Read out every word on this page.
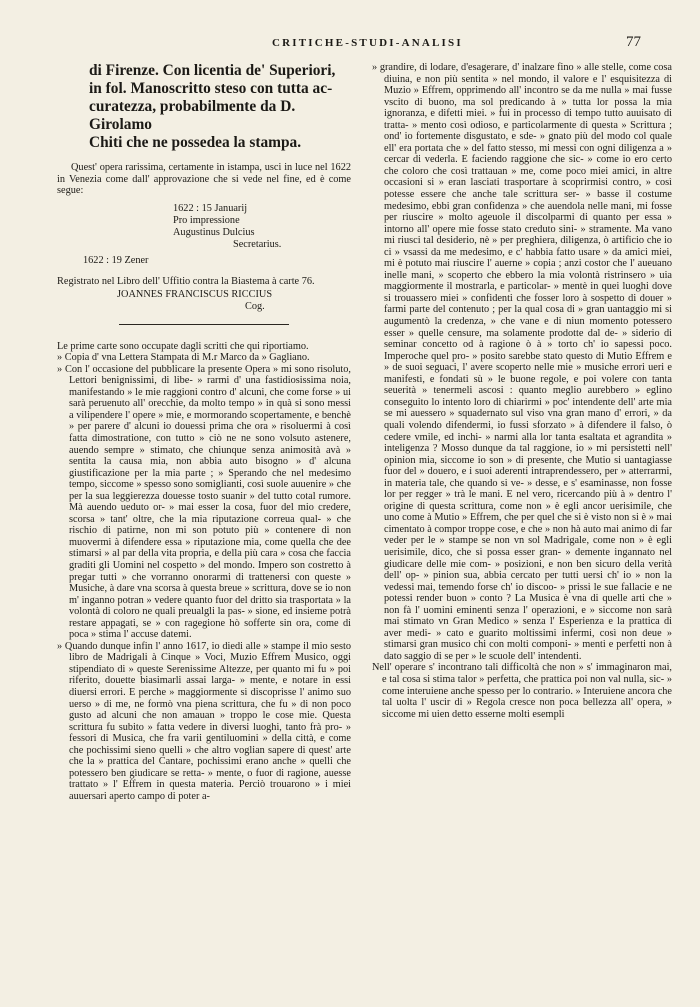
CRITICHE-STUDI-ANALISI	77
di Firenze. Con licentia de' Superiori,
in fol. Manoscritto steso con tutta ac-
curatezza, probabilmente da D. Girolamo
Chiti che ne possedea la stampa.

Quest' opera rarissima, certamente in istampa, usci in luce nel 1622 in Venezia come dall' approvazione che si vede nel fine, ed è come segue:

1622 : 15 Januarij
Pro impressione
Augustinus Dulcius
Secretarius.

1622 : 19 Zener

Registrato nel Libro dell' Uffitio contra la Biastema à carte 76.

JOANNES FRANCISCUS RICCIUS

Cog.

Le prime carte sono occupate dagli scritti che qui riportiamo.

» Copia d' vna Lettera Stampata di M.r Marco da » Gagliano.

» Con l' occasione del pubblicare la presente Opera » mi sono risoluto, Lettori benignissimi, di libe- » rarmi d' una fastidiosissima noia, manifestando » le mie raggioni contro d' alcuni, che come forse » ui sarà peruenuto all' orecchie, da molto tempo » in quà si sono messi a vilipendere l' opere » mie, e mormorando scopertamente, e benchè » per parere d' alcuni io douessi prima che ora » risoluermi à così fatta dimostratione, con tutto » ciò ne ne sono volsuto astenere, auendo sempre » stimato, che chiunque senza animosità avà » sentita la causa mia, non abbia auto bisogno » d' alcuna giustificazione per la mia parte ; » Sperando che nel medesimo tempo, siccome » spesso sono somiglianti, così suole auuenire » che per la sua leggierezza douesse tosto suanir » del tutto cotal rumore. Mà auendo ueduto or- » mai esser la cosa, fuor del mio credere, scorsa » tant' oltre, che la mia riputazione correua qual- » che rischio di patirne, non mi son potuto più » contenere di non muovermi à difendere essa » riputazione mia, come quella che dee stimarsi » al par della vita propria, e della più cara » cosa che faccia graditi gli Uomini nel cospetto » del mondo. Impero son costretto à pregar tutti » che vorranno onorarmi di trattenersi con queste » Musiche, à dare vna scorsa à questa breue » scrittura, dove se io non m' inganno potran » vedere quanto fuor del dritto sia trasportata » la volontà di coloro ne quali preualgli la pas- » sione, ed insieme potrà restare appagati, se » con ragegione hò sofferte sin ora, come di poca » stima l' accuse datemi.

» Quando dunque infin l' anno 1617, io diedi alle » stampe il mio sesto libro de Madrigali à Cinque » Voci, Muzio Effrem Musico, oggi stipendiato di » queste Serenissime Altezze, per quanto mi fu » poi riferito, douette biasimarli assai larga- » mente, e notare in essi diuersi errori. E perche » maggiormente si discoprisse l' animo suo uerso » di me, ne formò vna piena scrittura, che fu » di non poco gusto ad alcuni che non amauan » troppo le cose mie. Questa scrittura fu subito » fatta vedere in diversi luoghi, tanto frà pro- » fessori di Musica, che fra varii gentiluomini » della città, e come che pochissimi sieno quelli » che altro voglian sapere di quest' arte che la » prattica del Cantare, pochissimi erano anche » quelli che potessero ben giudicare se retta- » mente, o fuor di ragione, auesse trattato » l' Effrem in questa materia. Perciò trouarono » i miei auuersari aperto campo di poter a-

» grandire, di lodare, d'esagerare, d' inalzare fino » alle stelle, come cosa diuina, e non più sentita » nel mondo, il valore e l' esquisitezza di Muzio » Effrem, opprimendo all' incontro se da me nulla » mai fusse vscito di buono, ma sol predicando à » tutta lor possa la mia ignoranza, e difetti miei. » fui in processo di tempo tutto auuisato di tratta- » mento così odioso, e particolarmente di questa » Scrittura ; ond' io fortemente disgustato, e sde- » gnato più del modo col quale ell' era portata che » del fatto stesso, mi messi con ogni diligenza a » cercar di vederla. E faciendo raggione che sic- » come io ero certo che coloro che così trattauan » me, come poco miei amici, in altre occasioni si » eran lasciati trasportare à scoprirmisi contro, » così potesse essere che anche tale scrittura ser- » basse il costume medesimo, ebbi gran confidenza » che auendola nelle mani, mi fosse per riuscire » molto ageuole il discolparmi di quanto per essa » intorno all' opere mie fosse stato creduto sini- » stramente. Ma vano mi riusci tal desiderio, nè » per preghiera, diligenza, ò artificio che io ci » vsassi da me medesimo, e c' habbia fatto usare » da amici miei, mi è potuto mai riuscire l' auerne » copia ; anzi costor che l' aueuano inelle mani, » scoperto che ebbero la mia volontà ristrinsero » uia maggiormente il mostrarla, e particolar- » mentè in quei luoghi dove si trouassero miei » confidenti che fosser loro à sospetto di douer » farmi parte del contenuto ; per la qual cosa di » gran uantaggio mi si augumentò la credenza, » che vane e di niun momento potessero esser » quelle censure, ma solamente prodotte dal de- » siderio di seminar concetto od à ragione ò à » torto ch' io sapessi poco. Imperoche quel pro- » posito sarebbe stato questo di Mutio Effrem e » de suoi seguaci, l' avere scoperto nelle mie » musiche errori ueri e manifesti, e fondati sù » le buone regole, e poi volere con tanta seuerità » tenermeli ascosi : quanto meglio aurebbero » eglino conseguito lo intento loro di chiarirmi » poc' intendente dell' arte mia se mi auessero » squadernato sul viso vna gran mano d' errori, » da quali volendo difendermi, io fussi sforzato » à difendere il falso, ò cedere vmile, ed inchi- » narmi alla lor tanta esaltata et agrandita » inteligenza ? Mosso dunque da tal raggione, io » mi persistetti nell' opinion mia, siccome io son » di presente, che Mutio si uantagiasse fuor del » douero, e i suoi aderenti intraprendessero, per » atterrarmi, in materia tale, che quando si ve- » desse, e s' esaminasse, non fosse lor per regger » trà le mani. E nel vero, ricercando più à » dentro l' origine di questa scrittura, come non » è egli ancor uerisimile, che uno come à Mutio » Effrem, che per quel che si è visto non si è » mai cimentato à compor troppe cose, e che » non hà auto mai animo di far veder per le » stampe se non vn sol Madrigale, come non » è egli uerisimile, dico, che si possa esser gran- » demente ingannato nel giudicare delle mie com- » posizioni, e non ben sicuro della verità dell' op- » pinion sua, abbia cercato per tutti uersi ch' io » non la vedessi mai, temendo forse ch' io discoo- » prissi le sue fallacie e ne potessi render buon » conto ? La Musica è vna di quelle arti che » non fà l' uomini eminenti senza l' operazioni, e » siccome non sarà mai stimato vn Gran Medico » senza l' Esperienza e la prattica di aver medi- » cato e guarito moltissimi infermi, così non deue » stimarsi gran musico chi con molti componi- » menti e perfetti non à dato saggio di se per » le scuole dell' intendenti.

Nell' operare s' incontrano tali difficoltà che non » s' immaginaron mai, e tal cosa si stima talor » perfetta, che prattica poi non val nulla, sic- » come interuiene anche spesso per lo contrario. » Interuiene ancora che tal uolta l' uscir di » Regola cresce non poca bellezza all' opera, » siccome mi uien detto esserne molti esempli
